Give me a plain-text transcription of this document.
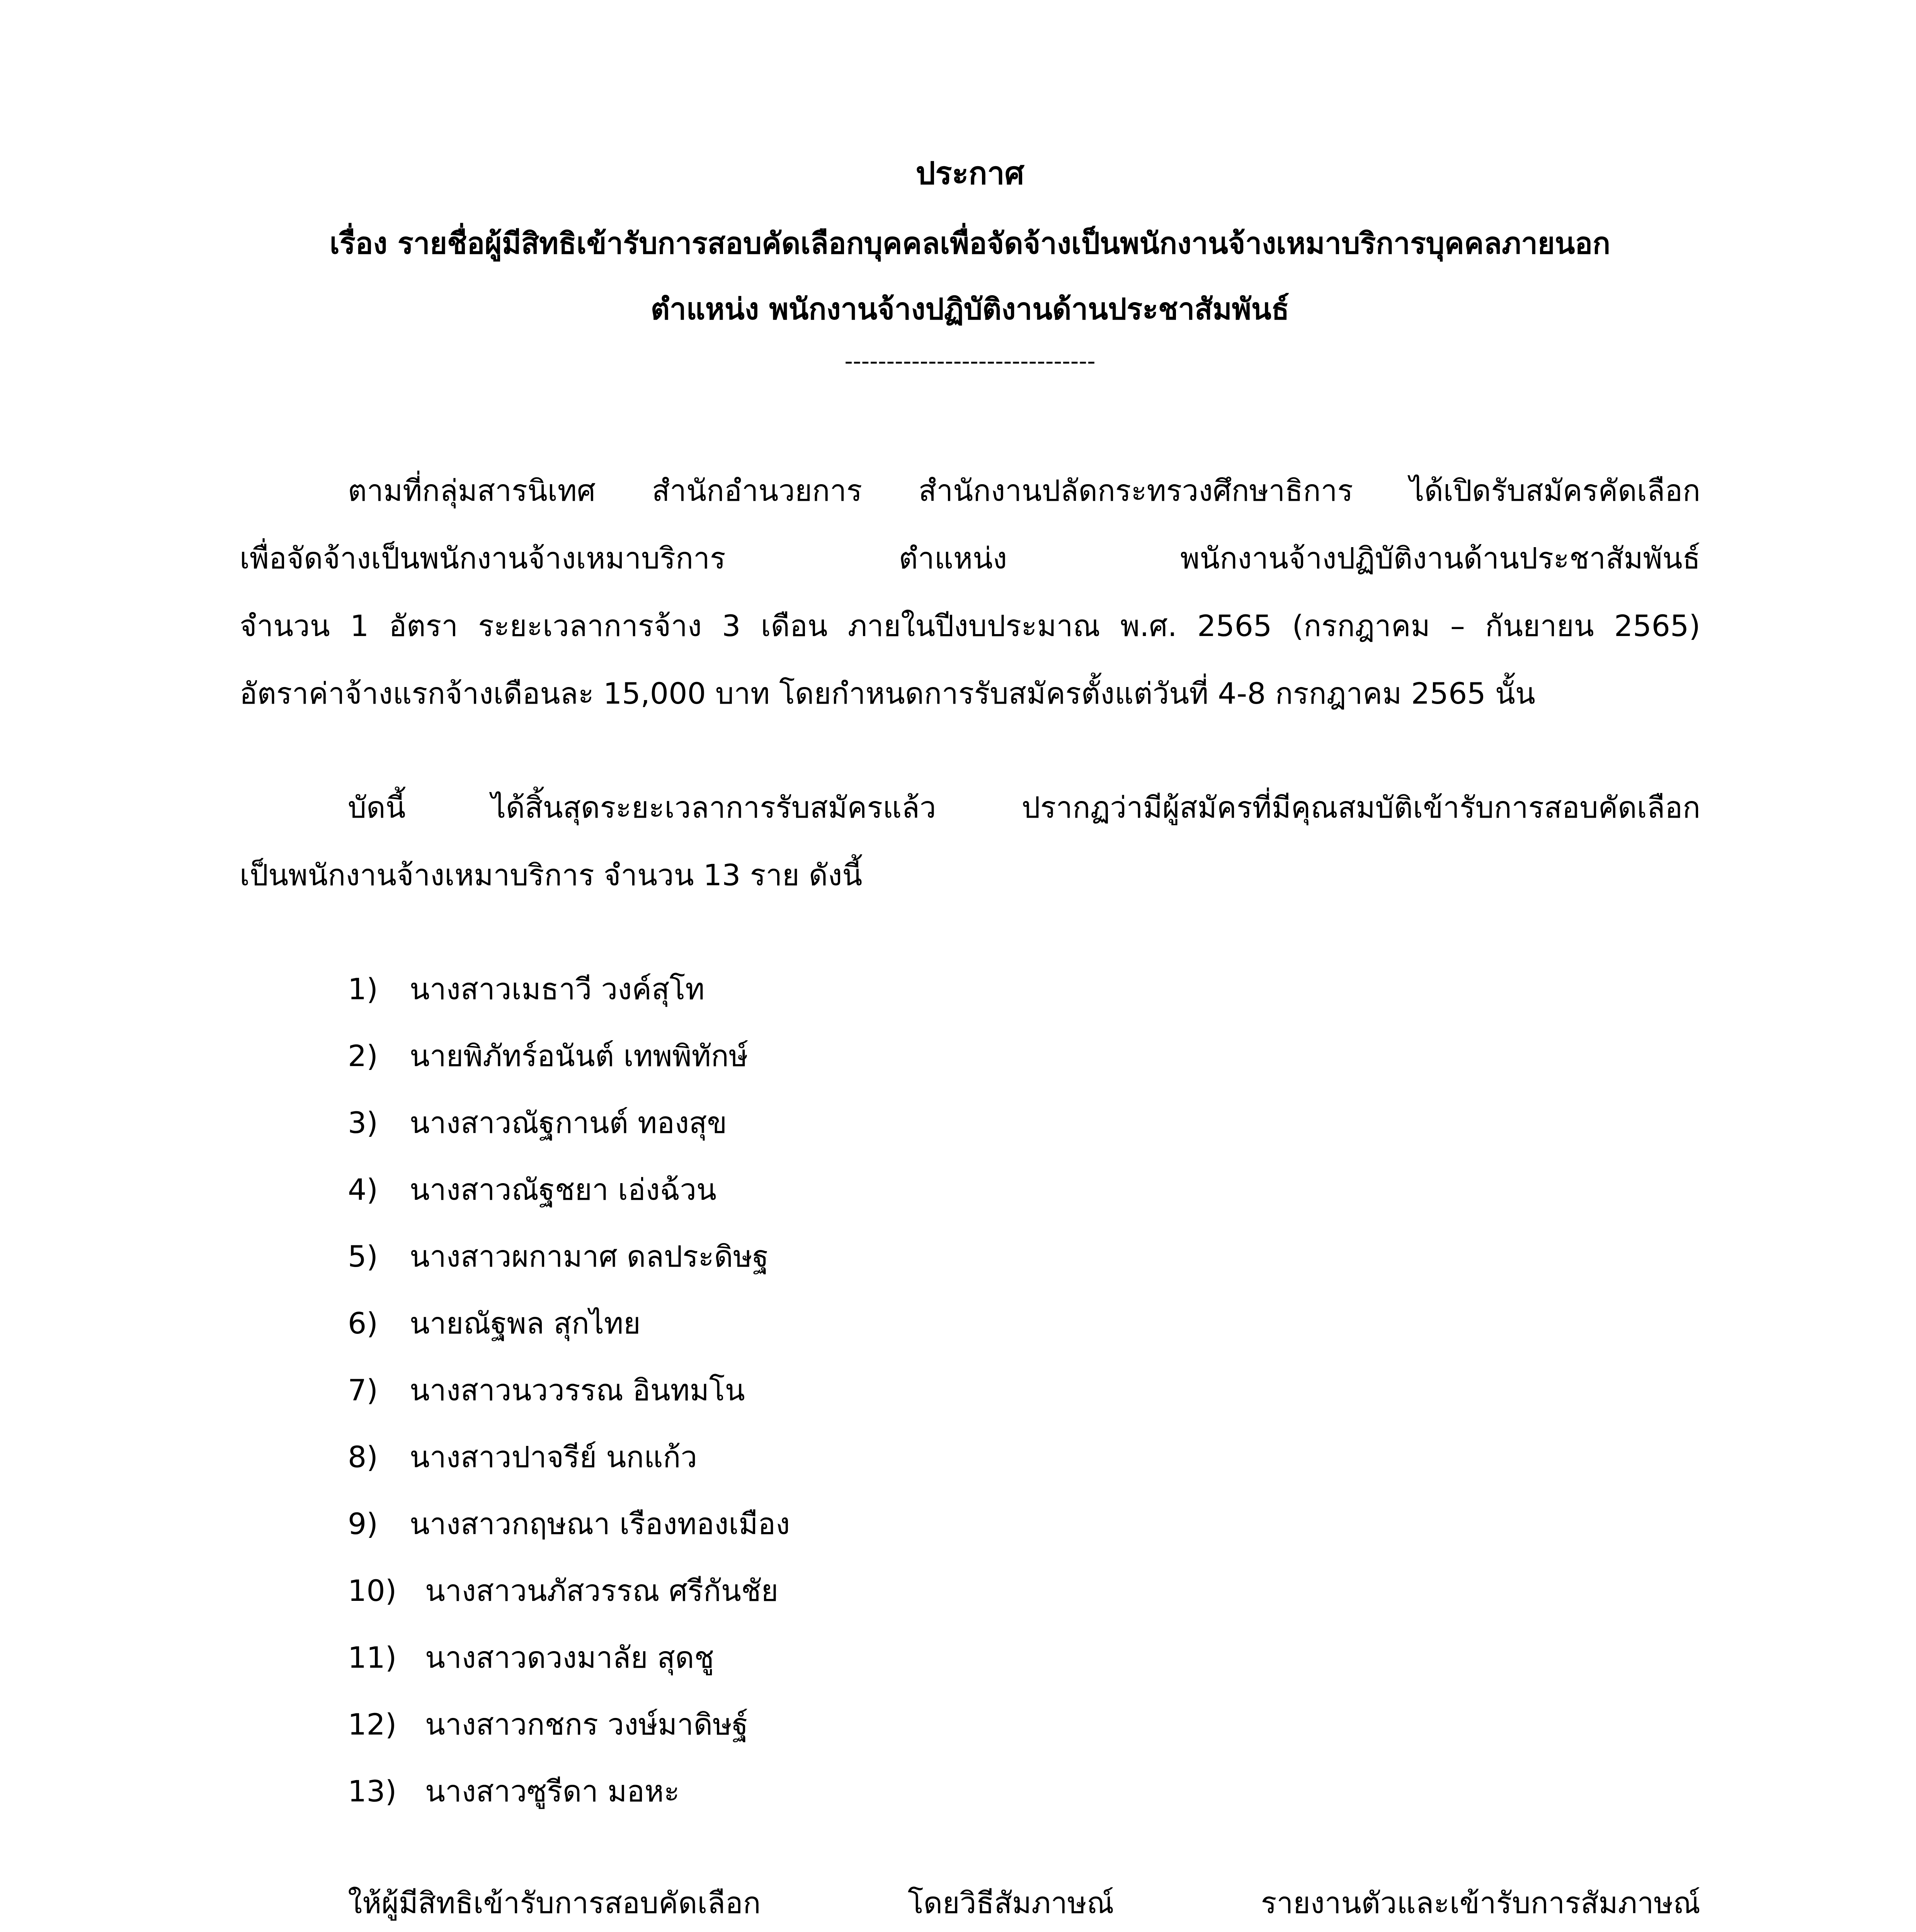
ประกาศ
เรื่อง รายชื่อผู้มีสิทธิเข้ารับการสอบคัดเลือกบุคคลเพื่อจัดจ้างเป็นพนักงานจ้างเหมาบริการบุคคลภายนอก
ตำแหน่ง พนักงานจ้างปฏิบัติงานด้านประชาสัมพันธ์
------------------------------
ตามที่กลุ่มสารนิเทศ สำนักอำนวยการ สำนักงานปลัดกระทรวงศึกษาธิการ ได้เปิดรับสมัครคัดเลือก
เพื่อจัดจ้างเป็นพนักงานจ้างเหมาบริการ ตำแหน่ง พนักงานจ้างปฏิบัติงานด้านประชาสัมพันธ์
จำนวน 1 อัตรา ระยะเวลาการจ้าง 3 เดือน ภายในปีงบประมาณ พ.ศ. 2565 (กรกฎาคม – กันยายน 2565)
อัตราค่าจ้างแรกจ้างเดือนละ 15,000 บาท โดยกำหนดการรับสมัครตั้งแต่วันที่ 4-8 กรกฎาคม 2565 นั้น
บัดนี้ ได้สิ้นสุดระยะเวลาการรับสมัครแล้ว ปรากฏว่ามีผู้สมัครที่มีคุณสมบัติเข้ารับการสอบคัดเลือก
เป็นพนักงานจ้างเหมาบริการ จำนวน 13 ราย ดังนี้
1) นางสาวเมธาวี วงค์สุโท
2) นายพิภัทร์อนันต์ เทพพิทักษ์
3) นางสาวณัฐกานต์ ทองสุข
4) นางสาวณัฐชยา เอ่งฉ้วน
5) นางสาวผกามาศ ดลประดิษฐ
6) นายณัฐพล สุกไทย
7) นางสาวนววรรณ อินทมโน
8) นางสาวปาจรีย์ นกแก้ว
9) นางสาวกฤษณา เรืองทองเมือง
10) นางสาวนภัสวรรณ ศรีกันชัย
11) นางสาวดวงมาลัย สุดชู
12) นางสาวกชกร วงษ์มาดิษฐ์
13) นางสาวซูรีดา มอหะ
ให้ผู้มีสิทธิเข้ารับการสอบคัดเลือก โดยวิธีสัมภาษณ์ รายงานตัวและเข้ารับการสัมภาษณ์
